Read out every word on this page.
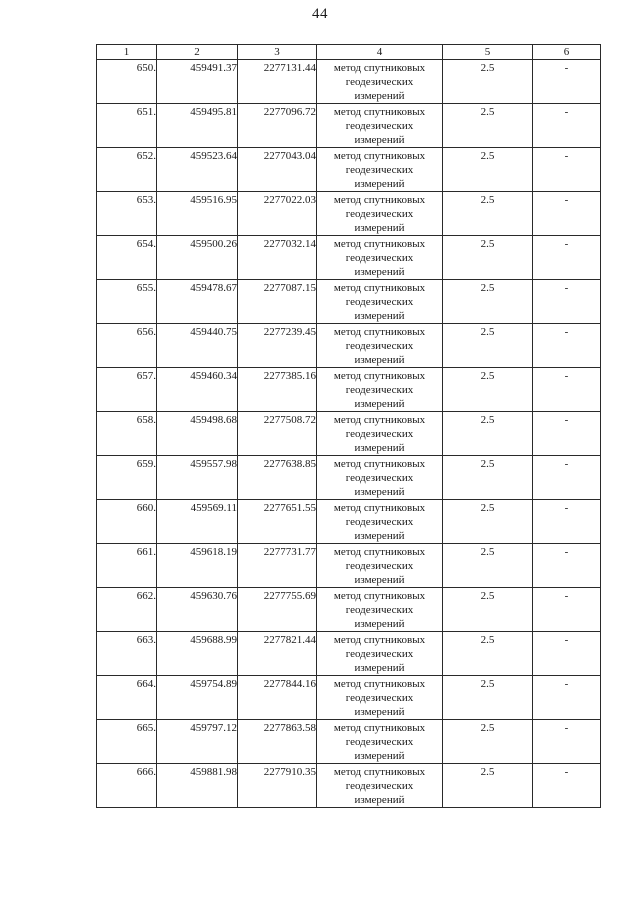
44
1	2	3	4	5	6
650.	459491.37	2277131.44	метод спутниковых
геодезических
измерений	2.5	-
651.	459495.81	2277096.72	метод спутниковых
геодезических
измерений	2.5	-
652.	459523.64	2277043.04	метод спутниковых
геодезических
измерений	2.5	-
653.	459516.95	2277022.03	метод спутниковых
геодезических
измерений	2.5	-
654.	459500.26	2277032.14	метод спутниковых
геодезических
измерений	2.5	-
655.	459478.67	2277087.15	метод спутниковых
геодезических
измерений	2.5	-
656.	459440.75	2277239.45	метод спутниковых
геодезических
измерений	2.5	-
657.	459460.34	2277385.16	метод спутниковых
геодезических
измерений	2.5	-
658.	459498.68	2277508.72	метод спутниковых
геодезических
измерений	2.5	-
659.	459557.98	2277638.85	метод спутниковых
геодезических
измерений	2.5	-
660.	459569.11	2277651.55	метод спутниковых
геодезических
измерений	2.5	-
661.	459618.19	2277731.77	метод спутниковых
геодезических
измерений	2.5	-
662.	459630.76	2277755.69	метод спутниковых
геодезических
измерений	2.5	-
663.	459688.99	2277821.44	метод спутниковых
геодезических
измерений	2.5	-
664.	459754.89	2277844.16	метод спутниковых
геодезических
измерений	2.5	-
665.	459797.12	2277863.58	метод спутниковых
геодезических
измерений	2.5	-
666.	459881.98	2277910.35	метод спутниковых
геодезических
измерений	2.5	-
